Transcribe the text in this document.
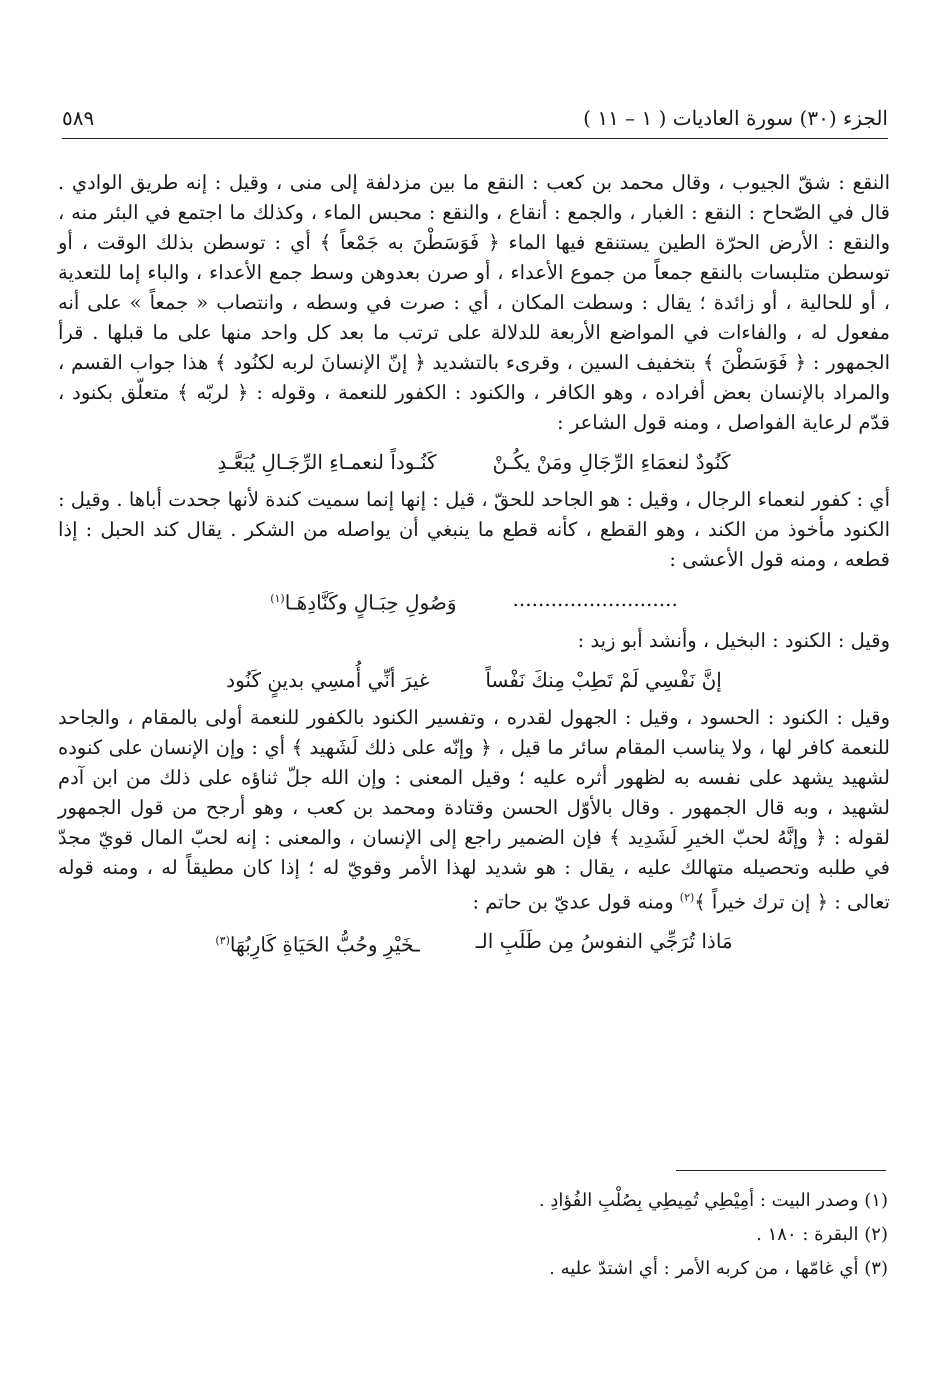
الجزء (٣٠) سورة العاديات ( ١ – ١١ )
٥٨٩

النقع : شقّ الجيوب ، وقال محمد بن كعب : النقع ما بين مزدلفة إلى منى ، وقيل : إنه طريق الوادي . قال في الصّحاح : النقع : الغبار ، والجمع : أنقاع ، والنقع : محبس الماء ، وكذلك ما اجتمع في البئر منه ، والنقع : الأرض الحرّة الطين يستنقع فيها الماء ﴿ فَوَسَطْنَ به جَمْعاً ﴾ أي : توسطن بذلك الوقت ، أو توسطن متلبسات بالنقع جمعاً من جموع الأعداء ، أو صرن بعدوهن وسط جمع الأعداء ، والباء إما للتعدية ، أو للحالية ، أو زائدة ؛ يقال : وسطت المكان ، أي : صرت في وسطه ، وانتصاب « جمعاً » على أنه مفعول له ، والفاءات في المواضع الأربعة للدلالة على ترتب ما بعد كل واحد منها على ما قبلها . قرأ الجمهور : ﴿ فَوَسَطْنَ ﴾ بتخفيف السين ، وقرىء بالتشديد ﴿ إنّ الإنسانَ لربه لكنُود ﴾ هذا جواب القسم ، والمراد بالإنسان بعض أفراده ، وهو الكافر ، والكنود : الكفور للنعمة ، وقوله : ﴿ لربّه ﴾ متعلّق بكنود ، قدّم لرعاية الفواصل ، ومنه قول الشاعر :

كَنُودٌ لنعمَاءِ الرِّجَالِ ومَنْ يكُـنْ
كَنُـوداً لنعمـاءِ الرِّجَـالِ يُبَعَّـدِ

أي : كفور لنعماء الرجال ، وقيل : هو الجاحد للحقّ ، قيل : إنها إنما سميت كندة لأنها جحدت أباها . وقيل : الكنود مأخوذ من الكند ، وهو القطع ، كأنه قطع ما ينبغي أن يواصله من الشكر . يقال كند الحبل : إذا قطعه ، ومنه قول الأعشى :

..........................
وَصُولِ حِبَـالٍ وكَنَّادِهَـا$^{(١)}$

وقيل : الكنود : البخيل ، وأنشد أبو زيد :

إنَّ نَفْسِي لَمْ تَطِبْ مِنكَ نَفْساً
غيرَ أنِّي أُمسِي بدينٍ كَنُود

وقيل : الكنود : الحسود ، وقيل : الجهول لقدره ، وتفسير الكنود بالكفور للنعمة أولى بالمقام ، والجاحد للنعمة كافر لها ، ولا يناسب المقام سائر ما قيل ، ﴿ وإنّه على ذلك لَشَهيد ﴾ أي : وإن الإنسان على كنوده لشهيد يشهد على نفسه به لظهور أثره عليه ؛ وقيل المعنى : وإن الله جلّ ثناؤه على ذلك من ابن آدم لشهيد ، وبه قال الجمهور . وقال بالأوّل الحسن وقتادة ومحمد بن كعب ، وهو أرجح من قول الجمهور لقوله : ﴿ وإنَّهُ لحبّ الخيرِ لَشَدِيد ﴾ فإن الضمير راجع إلى الإنسان ، والمعنى : إنه لحبّ المال قويّ مجدّ في طلبه وتحصيله متهالك عليه ، يقال : هو شديد لهذا الأمر وقويّ له ؛ إذا كان مطيقاً له ، ومنه قوله تعالى : ﴿ إن ترك خيراً ﴾$^{(٢)}$ ومنه قول عديّ بن حاتم :

مَاذا تُرَجِّي النفوسُ مِن طَلَبِ الـ
ـخَيْرِ وحُبُّ الحَيَاةِ كَارِبُهَا$^{(٣)}$

(١) وصدر البيت : أمِيْطِي تُمِيطِي بِصُلْبِ الفُؤادِ .

(٢) البقرة : ١٨٠ .

(٣) أي غامّها ، من كربه الأمر : أي اشتدّ عليه .
